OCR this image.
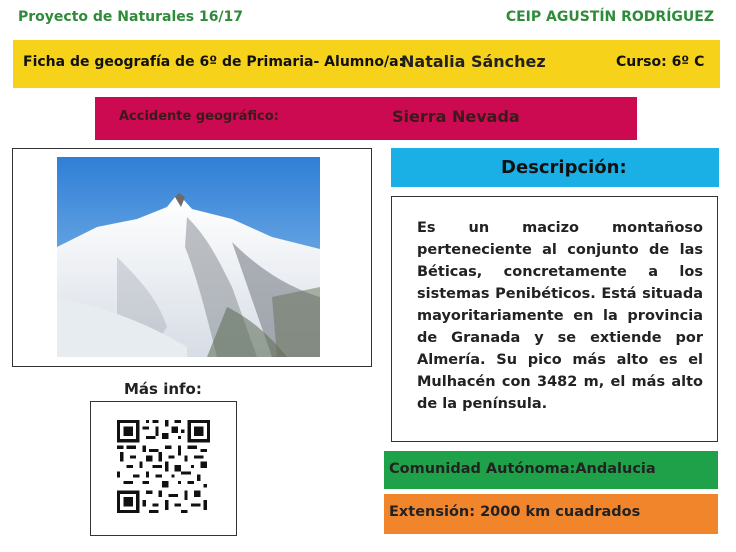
Proyecto de Naturales 16/17	CEIP AGUSTÍN RODRÍGUEZ
Ficha de geografía de 6º de Primaria- Alumno/a:
Natalia Sánchez	Curso: 6º C
Accidente geográfico:	Sierra Nevada
Más info:
Descripción:
Es un macizo montañoso perteneciente al conjunto de las Béticas, concretamente a los sistemas Penibéticos. Está situada mayoritariamente en la provincia de Granada y se extiende por Almería. Su pico más alto es el Mulhacén con 3482 m, el más alto de la península.
Comunidad Autónoma:Andalucia
Extensión: 2000 km cuadrados
